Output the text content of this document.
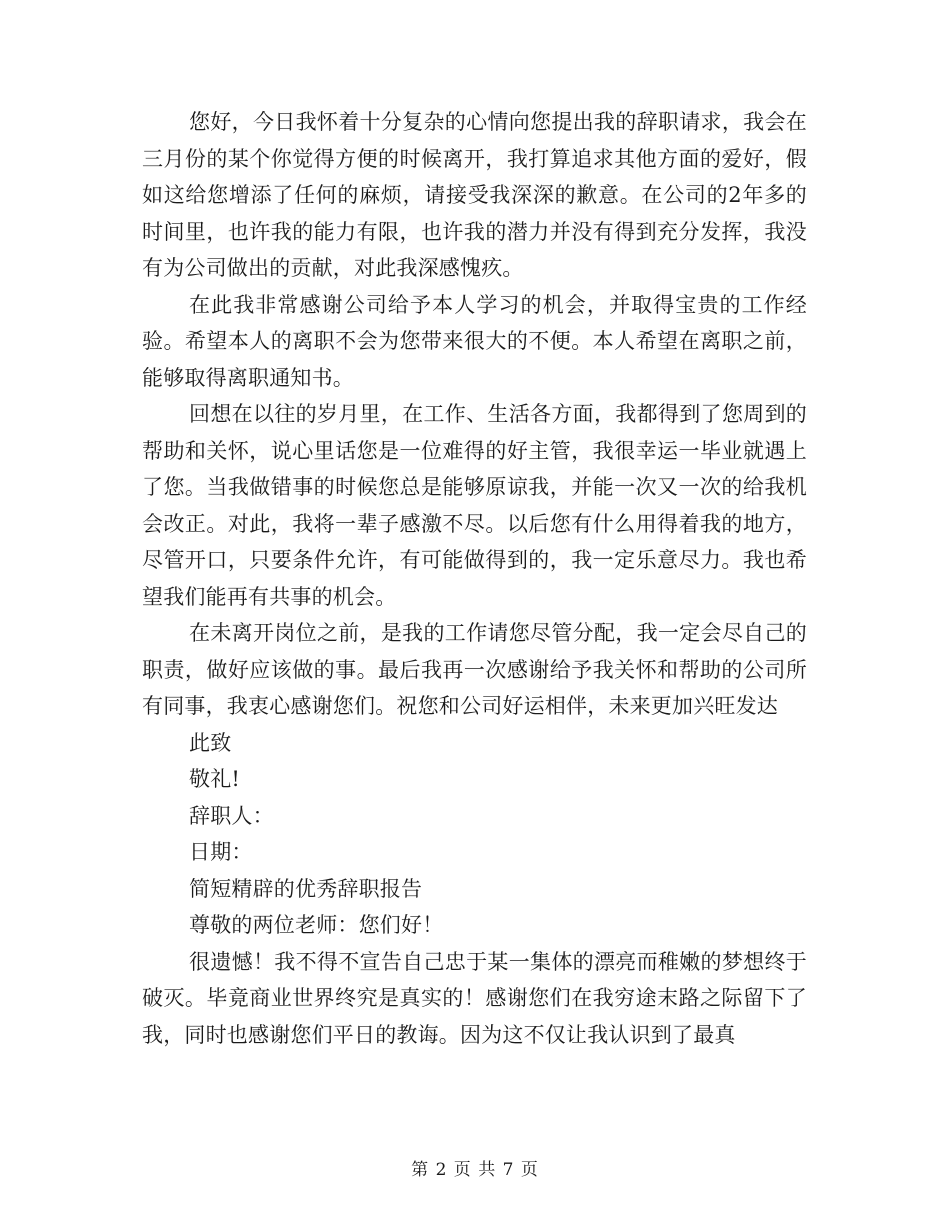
您好，今日我怀着十分复杂的心情向您提出我的辞职请求，我会在三月份的某个你觉得方便的时候离开，我打算追求其他方面的爱好，假如这给您增添了任何的麻烦，请接受我深深的歉意。在公司的2年多的时间里，也许我的能力有限，也许我的潜力并没有得到充分发挥，我没有为公司做出的贡献，对此我深感愧疚。

在此我非常感谢公司给予本人学习的机会，并取得宝贵的工作经验。希望本人的离职不会为您带来很大的不便。本人希望在离职之前，能够取得离职通知书。

回想在以往的岁月里，在工作、生活各方面，我都得到了您周到的帮助和关怀，说心里话您是一位难得的好主管，我很幸运一毕业就遇上了您。当我做错事的时候您总是能够原谅我，并能一次又一次的给我机会改正。对此，我将一辈子感激不尽。以后您有什么用得着我的地方，尽管开口，只要条件允许，有可能做得到的，我一定乐意尽力。我也希望我们能再有共事的机会。

在未离开岗位之前，是我的工作请您尽管分配，我一定会尽自己的职责，做好应该做的事。最后我再一次感谢给予我关怀和帮助的公司所有同事，我衷心感谢您们。祝您和公司好运相伴，未来更加兴旺发达

此致

敬礼!

辞职人：

日期：

简短精辟的优秀辞职报告

尊敬的两位老师：您们好！

很遗憾！我不得不宣告自己忠于某一集体的漂亮而稚嫩的梦想终于破灭。毕竟商业世界终究是真实的！感谢您们在我穷途末路之际留下了我，同时也感谢您们平日的教诲。因为这不仅让我认识到了最真

第 2 页 共 7 页
